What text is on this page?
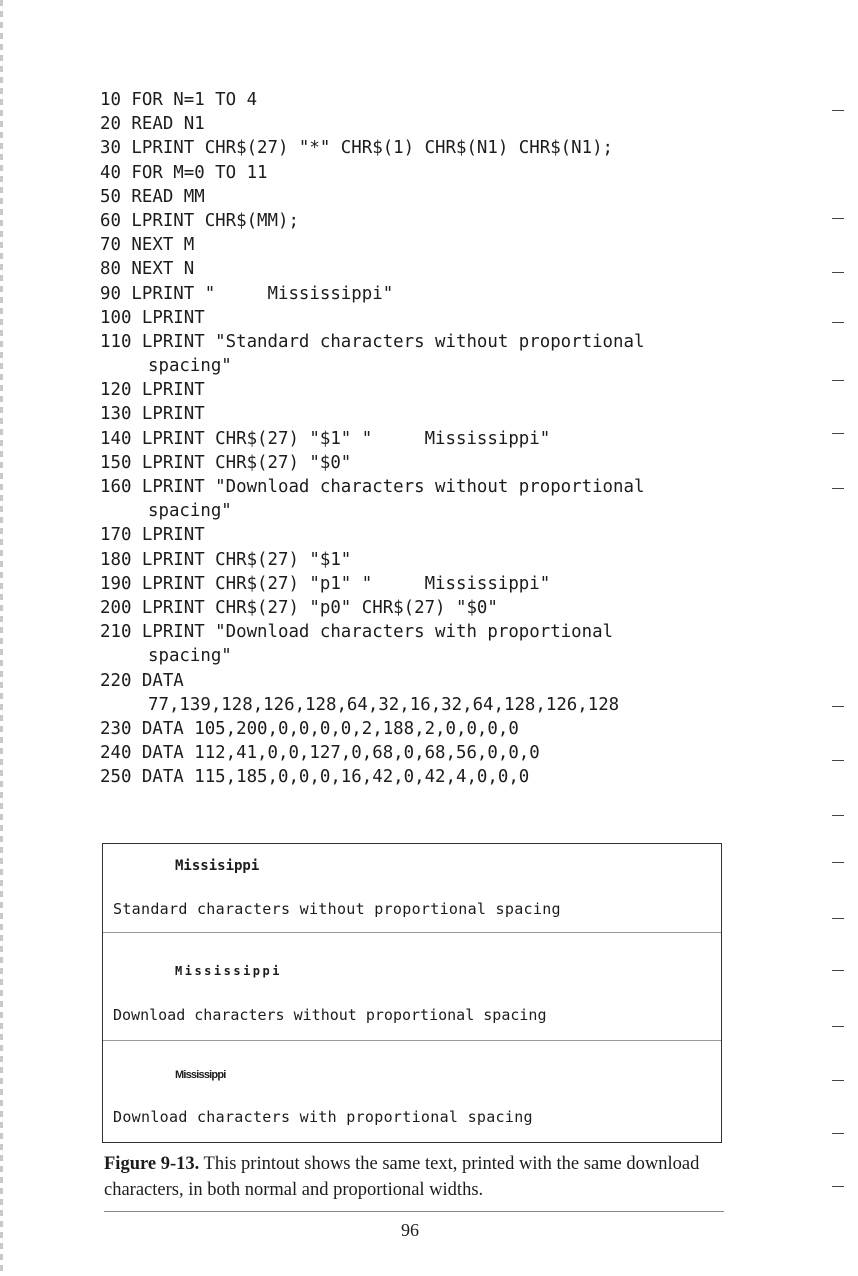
10 FOR N=1 TO 4
20 READ N1
30 LPRINT CHR$(27) "*" CHR$(1) CHR$(N1) CHR$(N1);
40 FOR M=0 TO 11
50 READ MM
60 LPRINT CHR$(MM);
70 NEXT M
80 NEXT N
90 LPRINT "     Mississippi"
100 LPRINT
110 LPRINT "Standard characters without proportional
spacing"
120 LPRINT
130 LPRINT
140 LPRINT CHR$(27) "$1" "     Mississippi"
150 LPRINT CHR$(27) "$0"
160 LPRINT "Download characters without proportional
spacing"
170 LPRINT
180 LPRINT CHR$(27) "$1"
190 LPRINT CHR$(27) "p1" "     Mississippi"
200 LPRINT CHR$(27) "p0" CHR$(27) "$0"
210 LPRINT "Download characters with proportional
spacing"
220 DATA
77,139,128,126,128,64,32,16,32,64,128,126,128
230 DATA 105,200,0,0,0,0,2,188,2,0,0,0,0
240 DATA 112,41,0,0,127,0,68,0,68,56,0,0,0
250 DATA 115,185,0,0,0,16,42,0,42,4,0,0,0
Missisippi
Standard characters without proportional spacing
Mississippi
Download characters without proportional spacing
Mississippi
Download characters with proportional spacing
Figure 9-13. This printout shows the same text, printed with the same download characters, in both normal and proportional widths.
96
